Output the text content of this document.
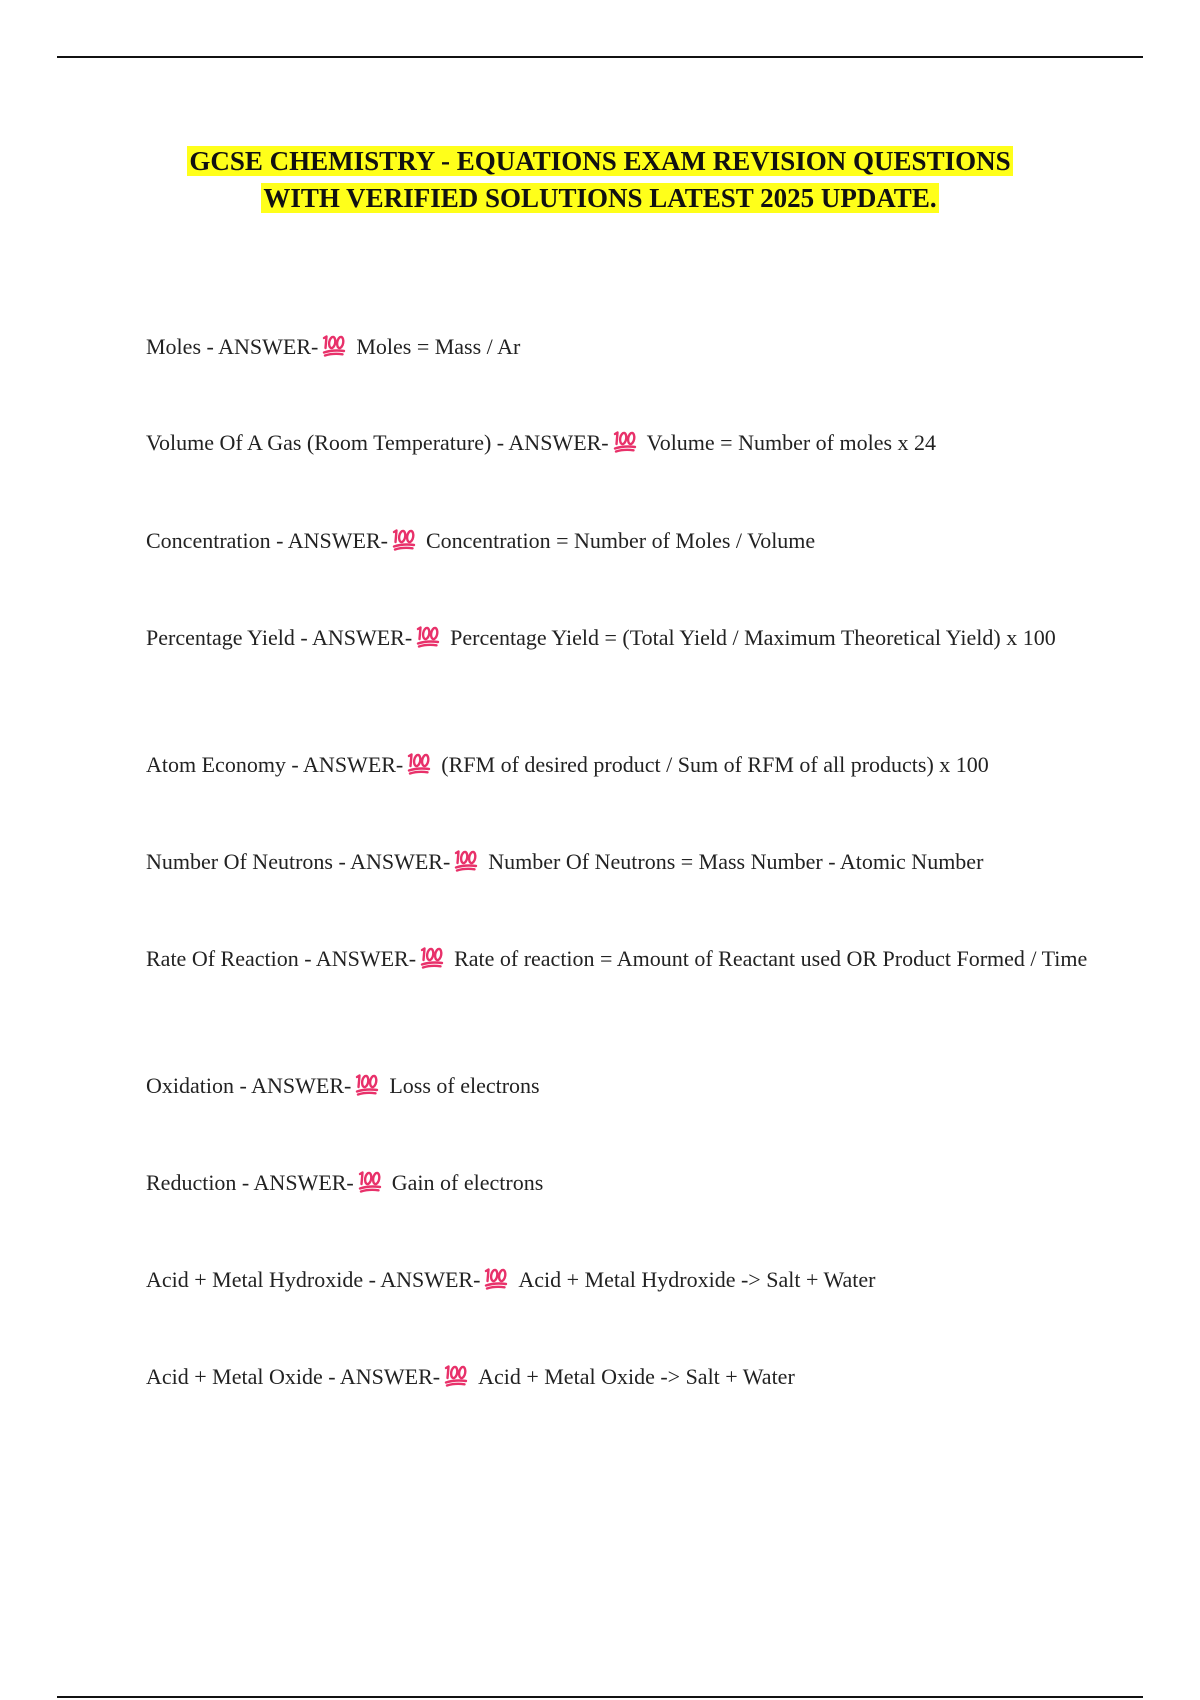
GCSE CHEMISTRY - EQUATIONS EXAM REVISION QUESTIONS
WITH VERIFIED SOLUTIONS LATEST 2025 UPDATE.
Moles - ANSWER- Moles = Mass / Ar
Volume Of A Gas (Room Temperature) - ANSWER- Volume = Number of moles x 24
Concentration - ANSWER- Concentration = Number of Moles / Volume
Percentage Yield - ANSWER- Percentage Yield = (Total Yield / Maximum Theoretical Yield) x 100
Atom Economy - ANSWER- (RFM of desired product / Sum of RFM of all products) x 100
Number Of Neutrons - ANSWER- Number Of Neutrons = Mass Number - Atomic Number
Rate Of Reaction - ANSWER- Rate of reaction = Amount of Reactant used OR Product Formed / Time
Oxidation - ANSWER- Loss of electrons
Reduction - ANSWER- Gain of electrons
Acid + Metal Hydroxide - ANSWER- Acid + Metal Hydroxide -> Salt + Water
Acid + Metal Oxide - ANSWER- Acid + Metal Oxide -> Salt + Water
